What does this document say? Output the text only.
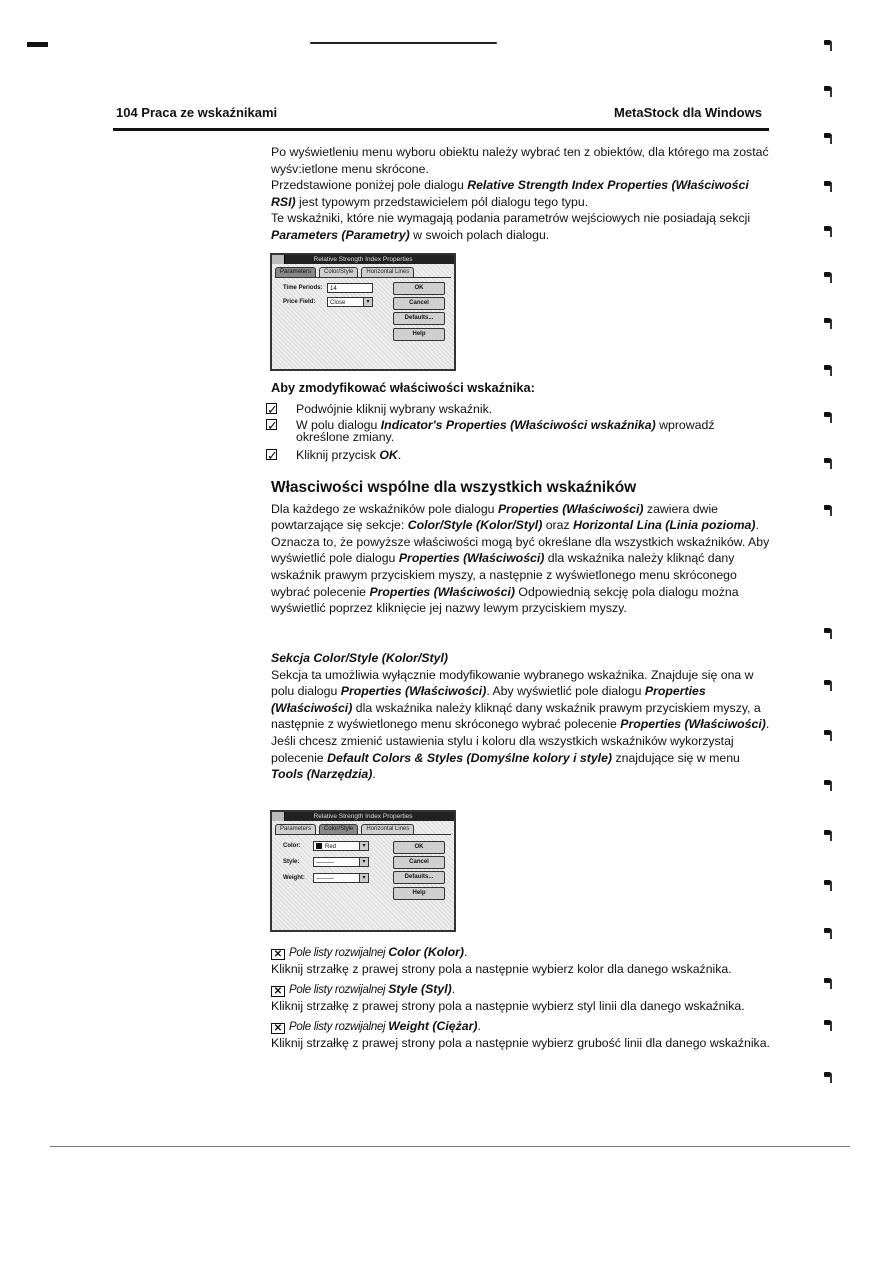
104 Praca ze wskaźnikami	MetaStock dla Windows

Po wyświetleniu menu wyboru obiektu należy wybrać ten z obiektów, dla którego ma zostać wyśv:ietlone menu skrócone.

Przedstawione poniżej pole dialogu Relative Strength Index Properties (Właściwości RSI) jest typowym przedstawicielem pól dialogu tego typu.

Te wskaźniki, które nie wymagają podania parametrów wejściowych nie posiadają sekcji Parameters (Parametry) w swoich polach dialogu.

Relative Strength Index Properties
Parameters	Color/Style	Horizontal Lines
Time Periods:	14
Price Field:	Close	▾
OK
Cancel
Defaults...
Help

Aby zmodyfikować właściwości wskaźnika:

✓ Podwójnie kliknij wybrany wskaźnik.
✓ W polu dialogu Indicator's Properties (Właściwości wskaźnika) wprowadź określone zmiany.
✓ Kliknij przycisk OK.

Własciwości wspólne dla wszystkich wskaźników

Dla każdego ze wskaźników pole dialogu Properties (Właściwości) zawiera dwie powtarzające się sekcje: Color/Style (Kolor/Styl) oraz Horizontal Lina (Linia pozioma). Oznacza to, że powyższe właściwości mogą być określane dla wszystkich wskaźników. Aby wyświetlić pole dialogu Properties (Właściwości) dla wskaźnika należy kliknąć dany wskaźnik prawym przyciskiem myszy, a następnie z wyświetlonego menu skróconego wybrać polecenie Properties (Właściwości) Odpowiednią sekcję pola dialogu można wyświetlić poprzez kliknięcie jej nazwy lewym przyciskiem myszy.

Sekcja Color/Style (Kolor/Styl)

Sekcja ta umożliwia wyłącznie modyfikowanie wybranego wskaźnika. Znajduje się ona w polu dialogu Properties (Właściwości). Aby wyświetlić pole dialogu Properties (Właściwości) dla wskaźnika należy kliknąć dany wskaźnik prawym przyciskiem myszy, a następnie z wyświetlonego menu skróconego wybrać polecenie Properties (Właściwości).

Jeśli chcesz zmienić ustawienia stylu i koloru dla wszystkich wskaźników wykorzystaj polecenie Default Colors & Styles (Domyślne kolory i style) znajdujące się w menu Tools (Narzędzia).

Relative Strength Index Properties
Parameters	Color/Style	Horizontal Lines
Color:	Red	▾
Style:	———	▾
Weight:	———	▾
OK
Cancel
Defaults...
Help
✕ Pole listy rozwijalnej Color (Kolor).
Kliknij strzałkę z prawej strony pola a następnie wybierz kolor dla danego wskaźnika.
✕ Pole listy rozwijalnej Style (Styl).
Kliknij strzałkę z prawej strony pola a następnie wybierz styl linii dla danego wskaźnika.
✕ Pole listy rozwijalnej Weight (Ciężar).
Kliknij strzałkę z prawej strony pola a następnie wybierz grubość linii dla danego wskaźnika.
